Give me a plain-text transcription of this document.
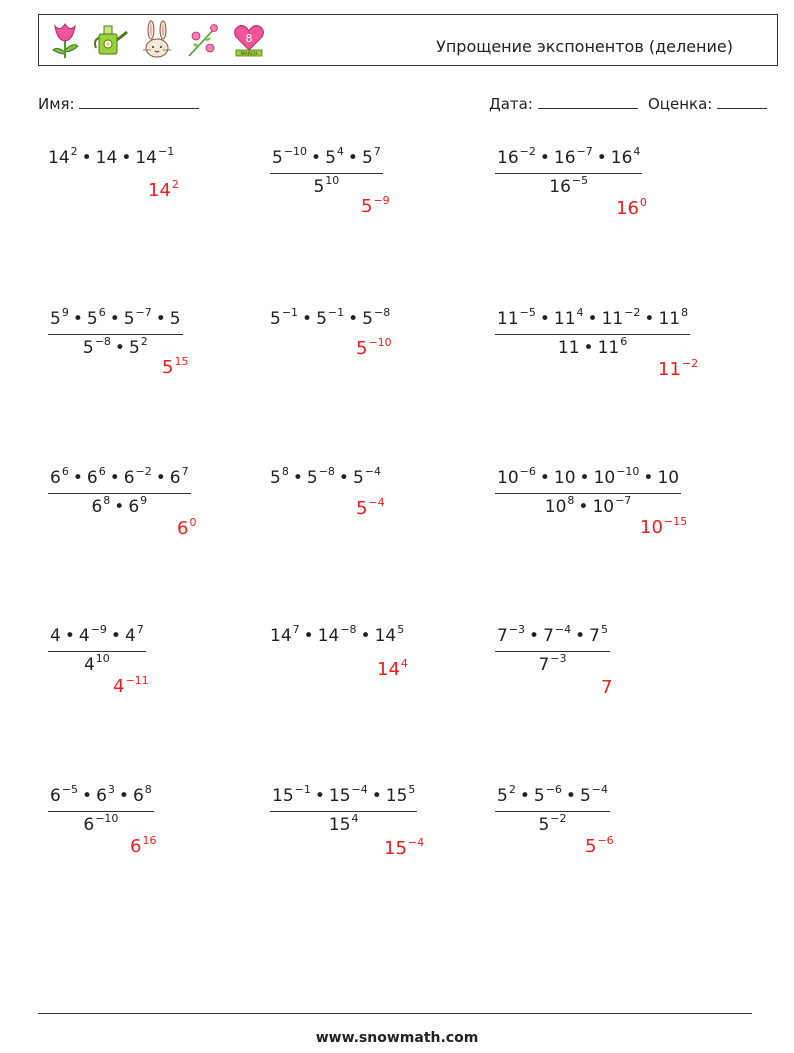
8
MARCH	Упрощение экспонентов (деление)
Имя:	Дата:	Оценка:
$14^2$ • 14 • $14^{-1}$
$14^2$	$\frac{5^{-10} • 5^4 • 5^7}{5^{10}}$
$5^{-9}$
$\frac{16^{-2} • 16^{-7} • 16^4}{16^{-5}}$
$16^0$
$\frac{5^9 • 5^6 • 5^{-7} • 5}{5^{-8} • 5^2}$
$5^{15}$
$5^{-1}$ • $5^{-1}$ • $5^{-8}$
$5^{-10}$	$\frac{11^{-5} • 11^4 • 11^{-2} • 11^8}{11 • 11^6}$
$11^{-2}$
$\frac{6^6 • 6^6 • 6^{-2} • 6^7}{6^8 • 6^9}$
$6^0$
$5^8$ • $5^{-8}$ • $5^{-4}$
$5^{-4}$	$\frac{10^{-6} • 10 • 10^{-10} • 10}{10^8 • 10^{-7}}$
$10^{-15}$
$\frac{4 • 4^{-9} • 4^7}{4^{10}}$
$4^{-11}$
$14^7$ • $14^{-8}$ • $14^5$
$14^4$	$\frac{7^{-3} • 7^{-4} • 7^5}{7^{-3}}$
7
$\frac{6^{-5} • 6^3 • 6^8}{6^{-10}}$
$6^{16}$
$\frac{15^{-1} • 15^{-4} • 15^5}{15^4}$
$15^{-4}$
$\frac{5^2 • 5^{-6} • 5^{-4}}{5^{-2}}$
$5^{-6}$
www.snowmath.com
